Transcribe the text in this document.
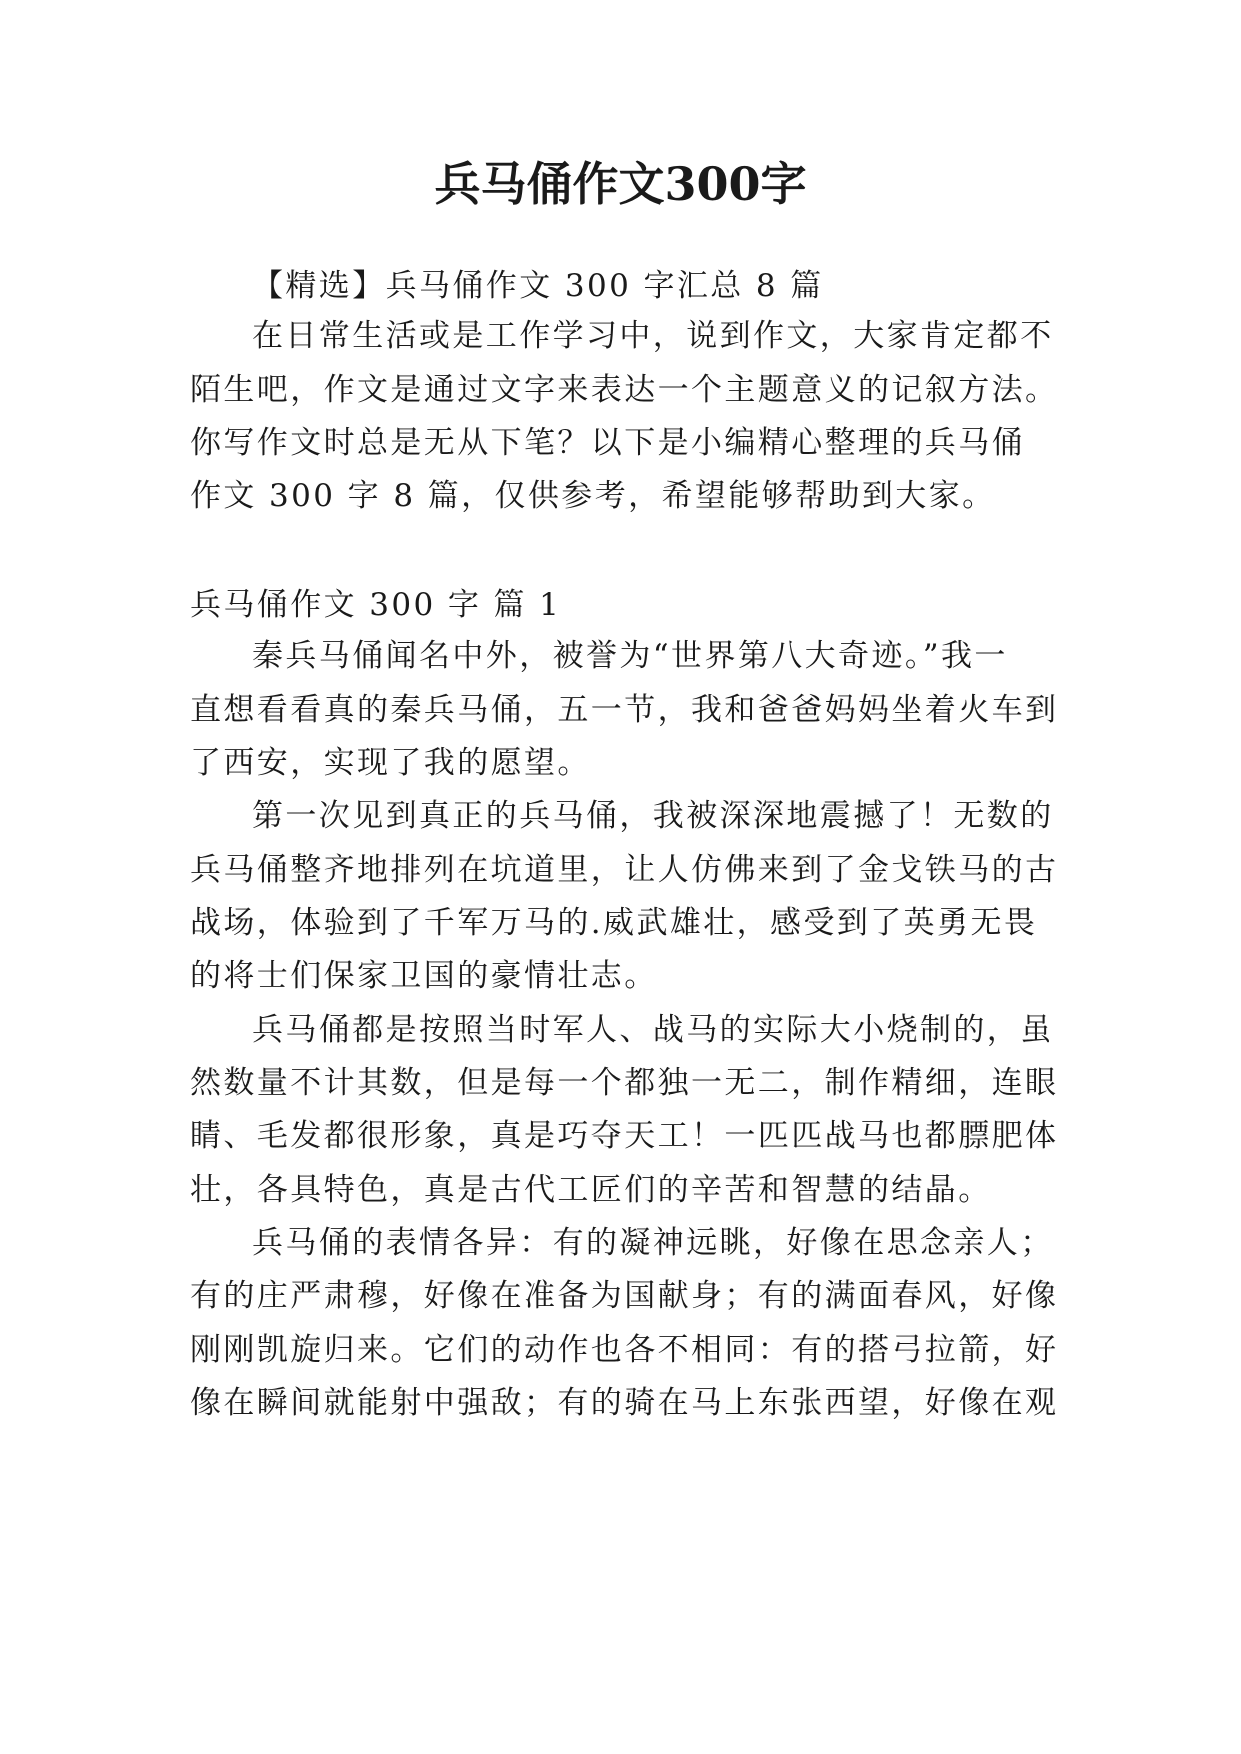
兵马俑作文300字

【精选】兵马俑作文 300 字汇总 8 篇

在日常生活或是工作学习中，说到作文，大家肯定都不

陌生吧，作文是通过文字来表达一个主题意义的记叙方法。

你写作文时总是无从下笔？以下是小编精心整理的兵马俑

作文 300 字 8 篇，仅供参考，希望能够帮助到大家。

兵马俑作文 300 字 篇 1

秦兵马俑闻名中外，被誉为“世界第八大奇迹。”我一

直想看看真的秦兵马俑，五一节，我和爸爸妈妈坐着火车到

了西安，实现了我的愿望。

第一次见到真正的兵马俑，我被深深地震撼了！无数的

兵马俑整齐地排列在坑道里，让人仿佛来到了金戈铁马的古

战场，体验到了千军万马的.威武雄壮，感受到了英勇无畏

的将士们保家卫国的豪情壮志。

兵马俑都是按照当时军人、战马的实际大小烧制的，虽

然数量不计其数，但是每一个都独一无二，制作精细，连眼

睛、毛发都很形象，真是巧夺天工！一匹匹战马也都膘肥体

壮，各具特色，真是古代工匠们的辛苦和智慧的结晶。

兵马俑的表情各异：有的凝神远眺，好像在思念亲人；

有的庄严肃穆，好像在准备为国献身；有的满面春风，好像

刚刚凯旋归来。它们的动作也各不相同：有的搭弓拉箭，好

像在瞬间就能射中强敌；有的骑在马上东张西望，好像在观
